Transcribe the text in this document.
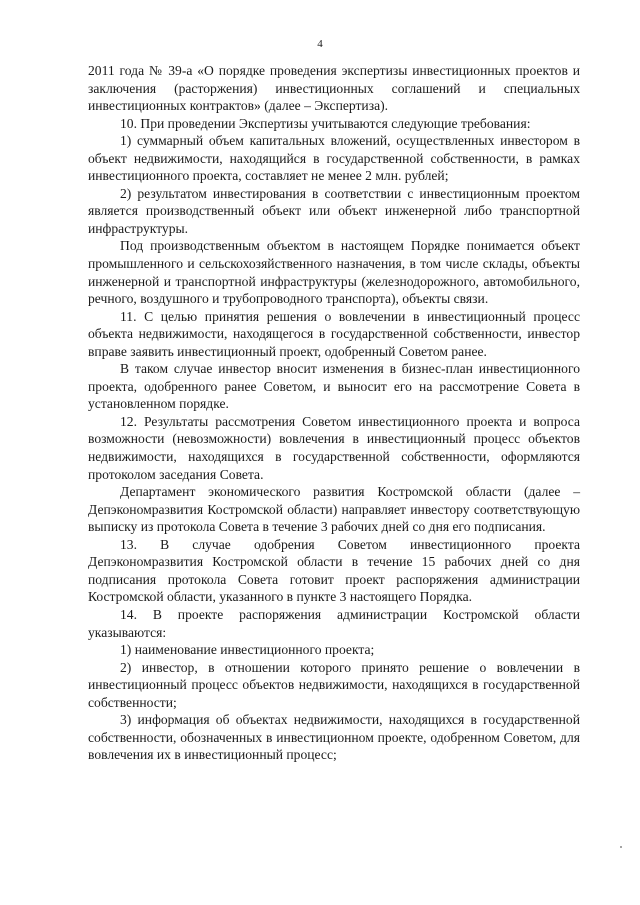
4

2011 года № 39-а «О порядке проведения экспертизы инвестиционных проектов и заключения (расторжения) инвестиционных соглашений и специальных инвестиционных контрактов» (далее – Экспертиза).

10. При проведении Экспертизы учитываются следующие требования:

1) суммарный объем капитальных вложений, осуществленных инвестором в объект недвижимости, находящийся в государственной собственности, в рамках инвестиционного проекта, составляет не менее 2 млн. рублей;

2) результатом инвестирования в соответствии с инвестиционным проектом является производственный объект или объект инженерной либо транспортной инфраструктуры.

Под производственным объектом в настоящем Порядке понимается объект промышленного и сельскохозяйственного назначения, в том числе склады, объекты инженерной и транспортной инфраструктуры (железнодорожного, автомобильного, речного, воздушного и трубопроводного транспорта), объекты связи.

11. С целью принятия решения о вовлечении в инвестиционный процесс объекта недвижимости, находящегося в государственной собственности, инвестор вправе заявить инвестиционный проект, одобренный Советом ранее.

В таком случае инвестор вносит изменения в бизнес-план инвестиционного проекта, одобренного ранее Советом, и выносит его на рассмотрение Совета в установленном порядке.

12. Результаты рассмотрения Советом инвестиционного проекта и вопроса возможности (невозможности) вовлечения в инвестиционный процесс объектов недвижимости, находящихся в государственной собственности, оформляются протоколом заседания Совета.

Департамент экономического развития Костромской области (далее – Депэкономразвития Костромской области) направляет инвестору соответствующую выписку из протокола Совета в течение 3 рабочих дней со дня его подписания.

13. В случае одобрения Советом инвестиционного проекта Депэкономразвития Костромской области в течение 15 рабочих дней со дня подписания протокола Совета готовит проект распоряжения администрации Костромской области, указанного в пункте 3 настоящего Порядка.

14. В проекте распоряжения администрации Костромской области указываются:

1) наименование инвестиционного проекта;

2) инвестор, в отношении которого принято решение о вовлечении в инвестиционный процесс объектов недвижимости, находящихся в государственной собственности;

3) информация об объектах недвижимости, находящихся в государственной собственности, обозначенных в инвестиционном проекте, одобренном Советом, для вовлечения их в инвестиционный процесс;
